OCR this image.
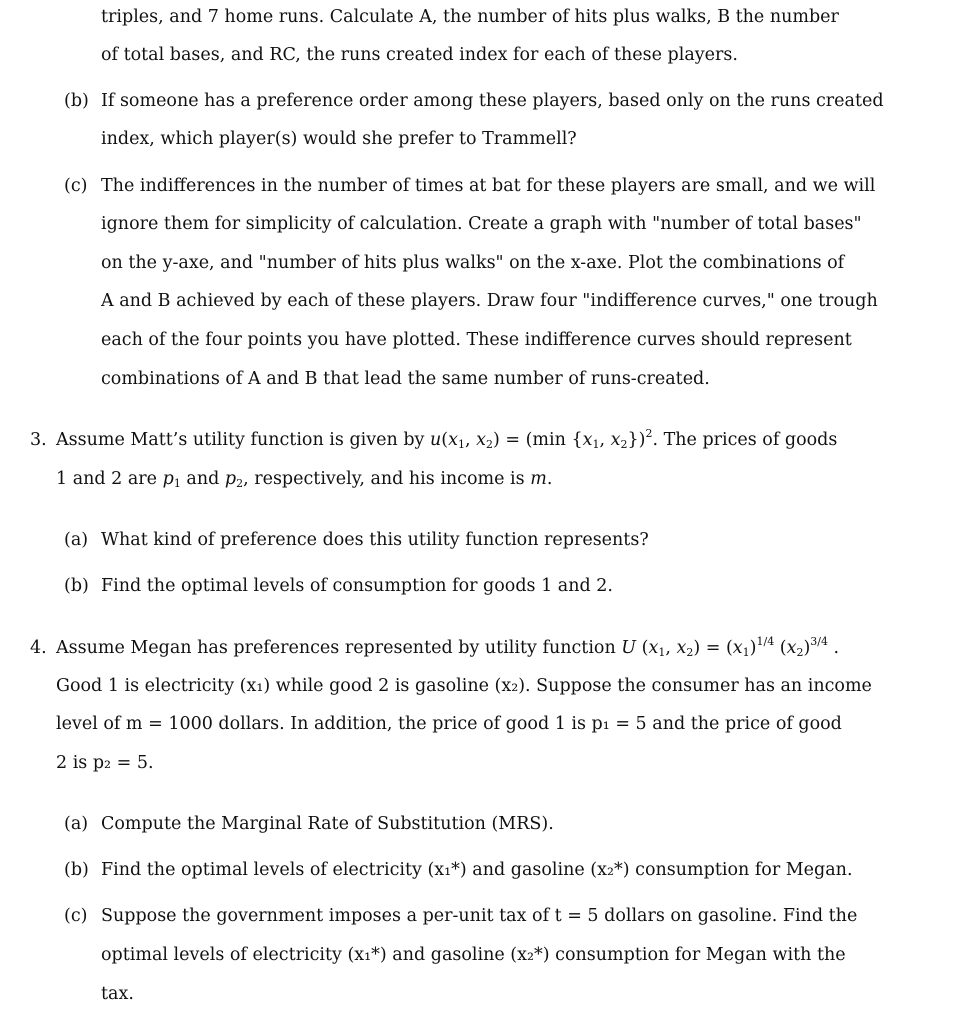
triples, and 7 home runs. Calculate A, the number of hits plus walks, B the number
of total bases, and RC, the runs created index for each of these players.
(b) If someone has a preference order among these players, based only on the runs created
index, which player(s) would she prefer to Trammell?
(c) The indifferences in the number of times at bat for these players are small, and we will
ignore them for simplicity of calculation. Create a graph with "number of total bases"
on the y-axe, and "number of hits plus walks" on the x-axe. Plot the combinations of
A and B achieved by each of these players. Draw four "indifference curves," one trough
each of the four points you have plotted. These indifference curves should represent
combinations of A and B that lead the same number of runs-created.
3. Assume Matt’s utility function is given by $u(x_1$, $x_2) = (\min$ {$x_1$, $x_2\})^2$. The prices of goods
1 and 2 are $p_1$ and $p_2$, respectively, and his income is m.
(a) What kind of preference does this utility function represents?
(b) Find the optimal levels of consumption for goods 1 and 2.
4. Assume Megan has preferences represented by utility function U ($x_1$, $x_2) = (x_1)^{1/4}$ $(x_2)^{3/4}$ .
Good 1 is electricity (x₁) while good 2 is gasoline (x₂). Suppose the consumer has an income
level of m = 1000 dollars. In addition, the price of good 1 is p₁ = 5 and the price of good
2 is p₂ = 5.
(a) Compute the Marginal Rate of Substitution (MRS).
(b) Find the optimal levels of electricity (x₁*) and gasoline (x₂*) consumption for Megan.
(c) Suppose the government imposes a per-unit tax of t = 5 dollars on gasoline. Find the
optimal levels of electricity (x₁*) and gasoline (x₂*) consumption for Megan with the
tax.
